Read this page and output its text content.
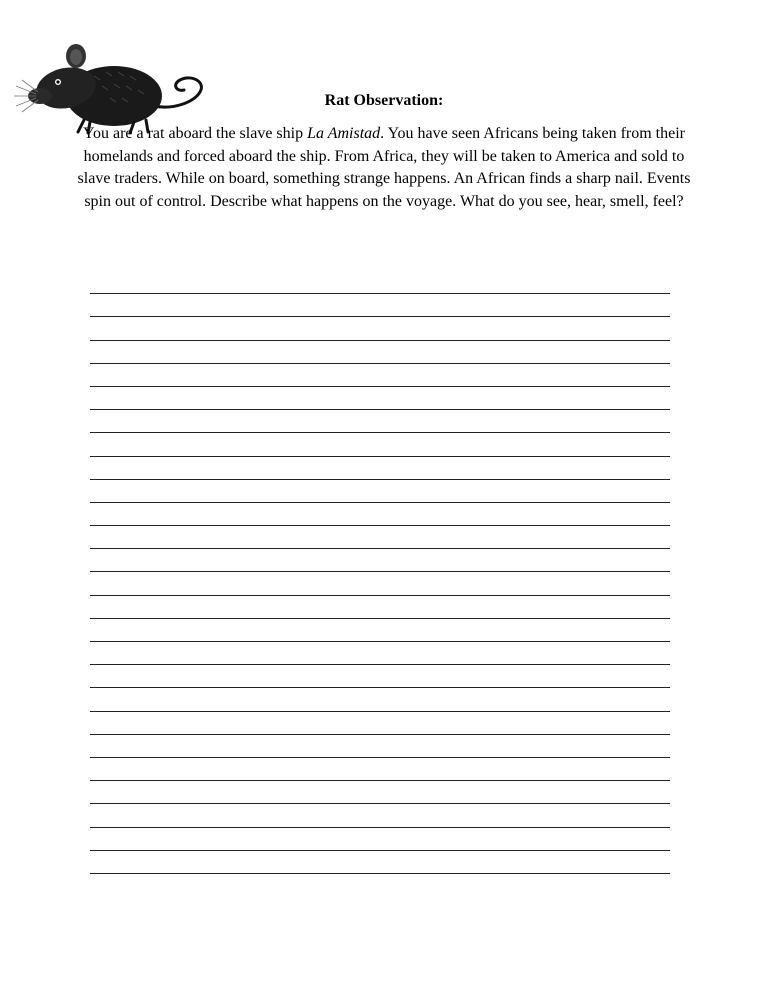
Rat Observation:

You are a rat aboard the slave ship La Amistad. You have seen Africans being taken from their homelands and forced aboard the ship. From Africa, they will be taken to America and sold to slave traders. While on board, something strange happens. An African finds a sharp nail. Events spin out of control. Describe what happens on the voyage. What do you see, hear, smell, feel?
